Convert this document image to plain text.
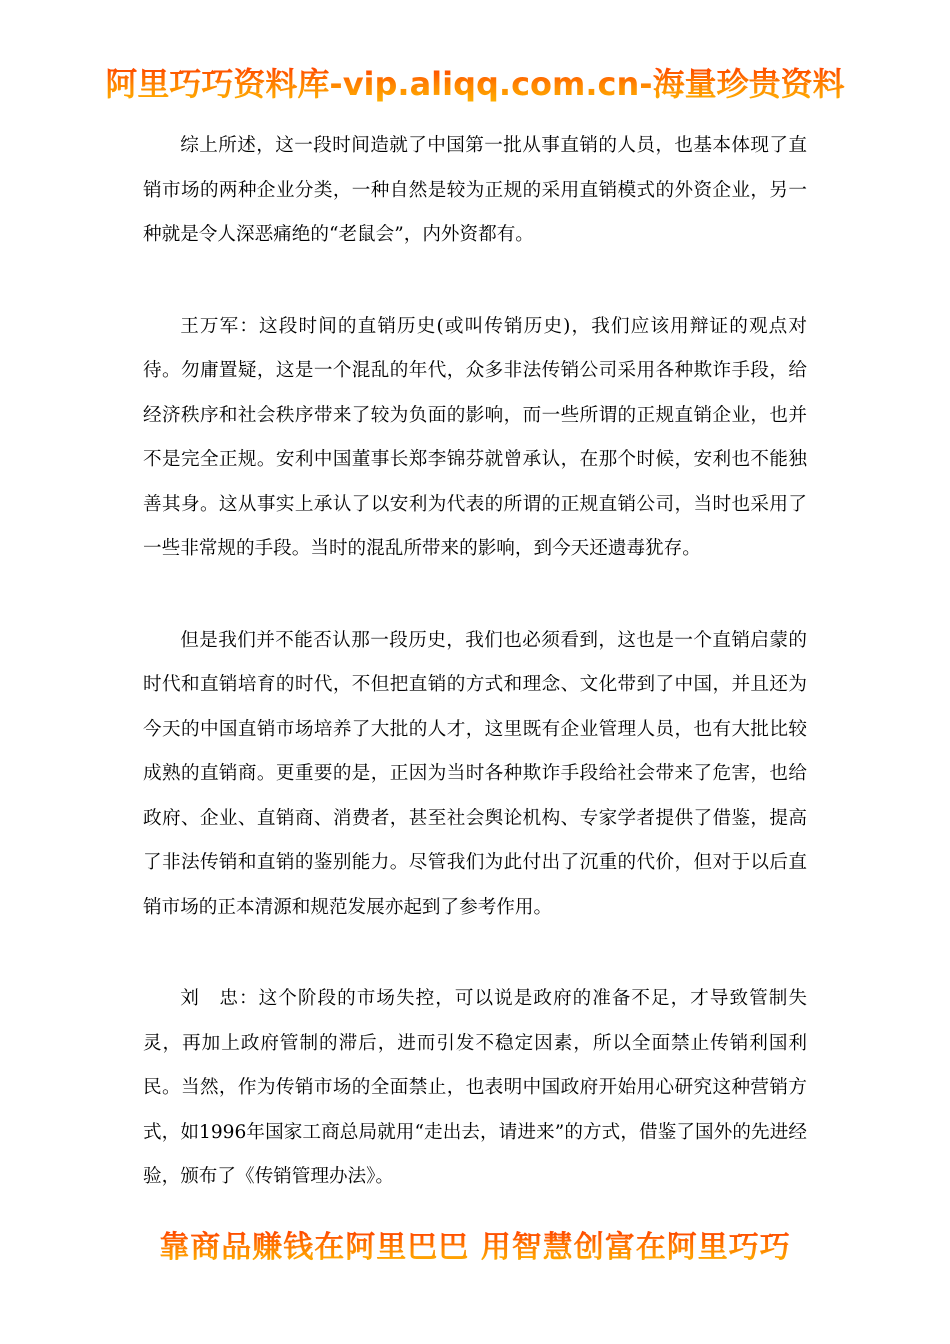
阿里巧巧资料库-vip.aliqq.com.cn-海量珍贵资料

综上所述，这一段时间造就了中国第一批从事直销的人员，也基本体现了直销市场的两种企业分类，一种自然是较为正规的采用直销模式的外资企业，另一种就是令人深恶痛绝的“老鼠会”，内外资都有。

王万军：这段时间的直销历史(或叫传销历史)，我们应该用辩证的观点对待。勿庸置疑，这是一个混乱的年代，众多非法传销公司采用各种欺诈手段，给经济秩序和社会秩序带来了较为负面的影响，而一些所谓的正规直销企业，也并不是完全正规。安利中国董事长郑李锦芬就曾承认，在那个时候，安利也不能独善其身。这从事实上承认了以安利为代表的所谓的正规直销公司，当时也采用了一些非常规的手段。当时的混乱所带来的影响，到今天还遗毒犹存。

但是我们并不能否认那一段历史，我们也必须看到，这也是一个直销启蒙的时代和直销培育的时代，不但把直销的方式和理念、文化带到了中国，并且还为今天的中国直销市场培养了大批的人才，这里既有企业管理人员，也有大批比较成熟的直销商。更重要的是，正因为当时各种欺诈手段给社会带来了危害，也给政府、企业、直销商、消费者，甚至社会舆论机构、专家学者提供了借鉴，提高了非法传销和直销的鉴别能力。尽管我们为此付出了沉重的代价，但对于以后直销市场的正本清源和规范发展亦起到了参考作用。

刘　忠：这个阶段的市场失控，可以说是政府的准备不足，才导致管制失灵，再加上政府管制的滞后，进而引发不稳定因素，所以全面禁止传销利国利民。当然，作为传销市场的全面禁止，也表明中国政府开始用心研究这种营销方式，如1996年国家工商总局就用“走出去，请进来”的方式，借鉴了国外的先进经验，颁布了《传销管理办法》。

靠商品赚钱在阿里巴巴 用智慧创富在阿里巧巧
